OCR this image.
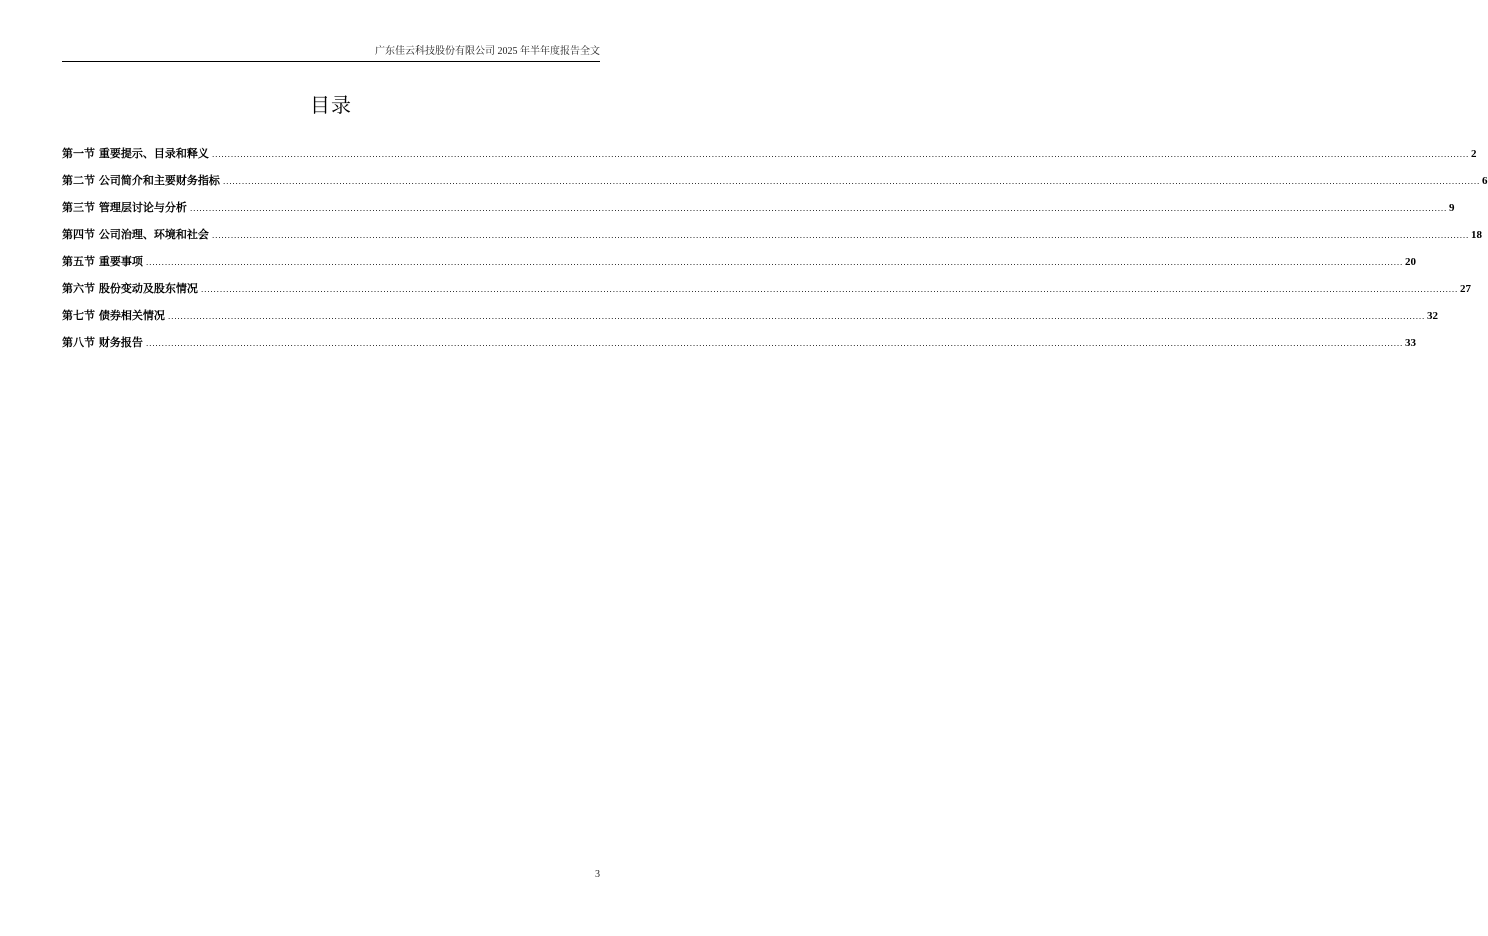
广东佳云科技股份有限公司 2025 年半年度报告全文
目录
第一节 重要提示、目录和释义 ................................................................................................................................................................................................................................................................................................................................................................................................................ 2
第二节 公司简介和主要财务指标 ................................................................................................................................................................................................................................................................................................................................................................................................................ 6
第三节 管理层讨论与分析 ................................................................................................................................................................................................................................................................................................................................................................................................................ 9
第四节 公司治理、环境和社会 ................................................................................................................................................................................................................................................................................................................................................................................................................ 18
第五节 重要事项 ................................................................................................................................................................................................................................................................................................................................................................................................................ 20
第六节 股份变动及股东情况 ................................................................................................................................................................................................................................................................................................................................................................................................................ 27
第七节 债券相关情况 ................................................................................................................................................................................................................................................................................................................................................................................................................ 32
第八节 财务报告 ................................................................................................................................................................................................................................................................................................................................................................................................................ 33
3
